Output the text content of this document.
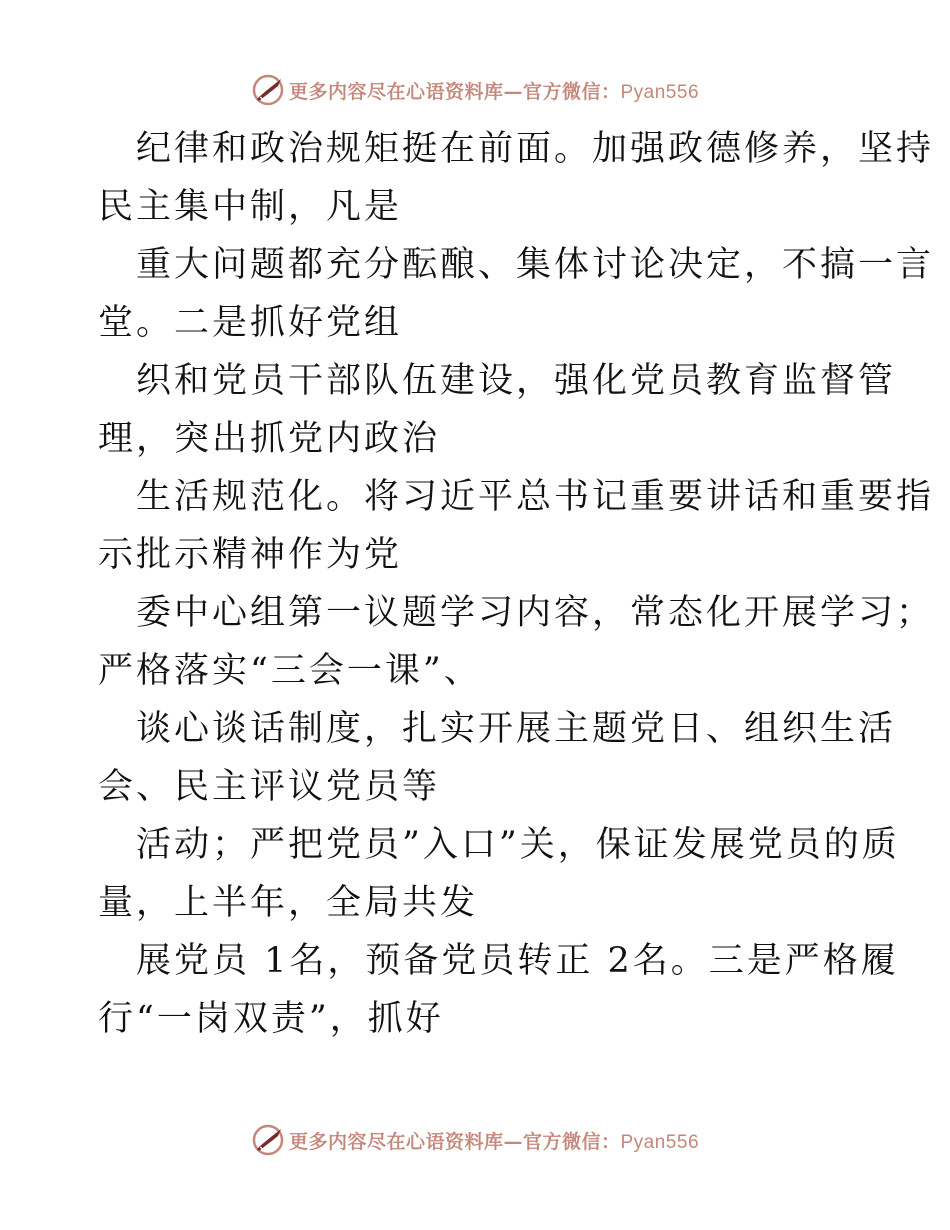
更多内容尽在心语资料库—官方微信：Pyan556

纪律和政治规矩挺在前面。加强政德修养，坚持
民主集中制，凡是

重大问题都充分酝酿、集体讨论决定，不搞一言
堂。二是抓好党组

织和党员干部队伍建设，强化党员教育监督管
理，突出抓党内政治

生活规范化。将习近平总书记重要讲话和重要指
示批示精神作为党

委中心组第一议题学习内容，常态化开展学习；
严格落实“三会一课”、

谈心谈话制度，扎实开展主题党日、组织生活
会、民主评议党员等

活动；严把党员”入口”关，保证发展党员的质
量，上半年，全局共发

展党员 1名，预备党员转正 2名。三是严格履
行“一岗双责”，抓好

更多内容尽在心语资料库—官方微信：Pyan556
